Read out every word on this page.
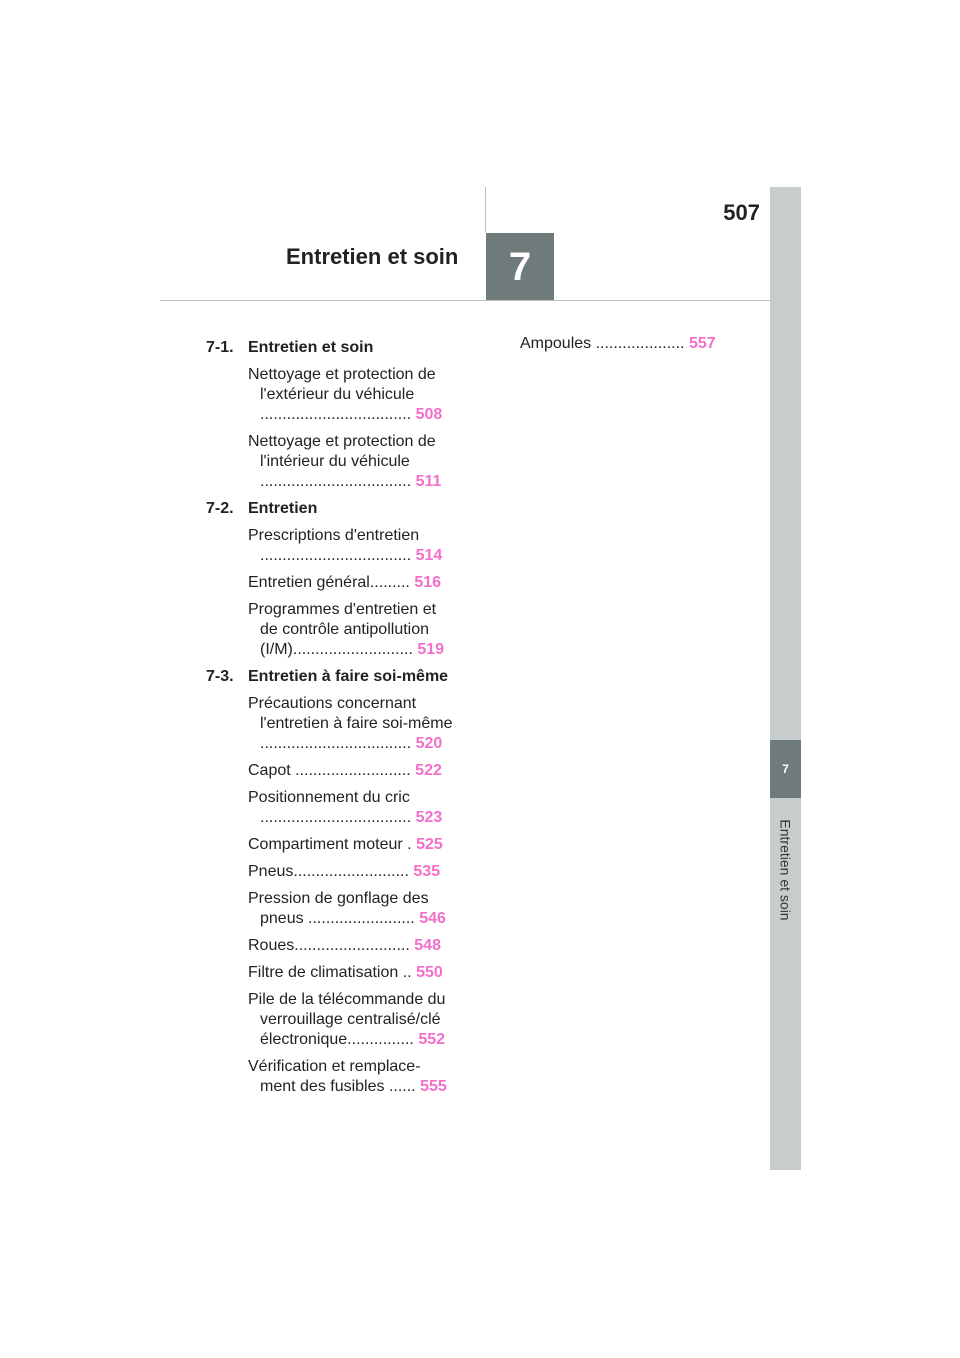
507
Entretien et soin 7
7
Entretien et soin
7-1. Entretien et soin
Nettoyage et protection de
l'extérieur du véhicule
.................................. 508
Nettoyage et protection de
l'intérieur du véhicule
.................................. 511
7-2. Entretien
Prescriptions d'entretien
.................................. 514
Entretien général......... 516
Programmes d'entretien et
de contrôle antipollution
(I/M)........................... 519
7-3. Entretien à faire soi-même
Précautions concernant
l'entretien à faire soi-même
.................................. 520
Capot .......................... 522
Positionnement du cric
.................................. 523
Compartiment moteur . 525
Pneus.......................... 535
Pression de gonflage des
pneus ........................ 546
Roues.......................... 548
Filtre de climatisation .. 550
Pile de la télécommande du
verrouillage centralisé/clé
électronique............... 552
Vérification et remplace-
ment des fusibles ...... 555
Ampoules .................... 557
